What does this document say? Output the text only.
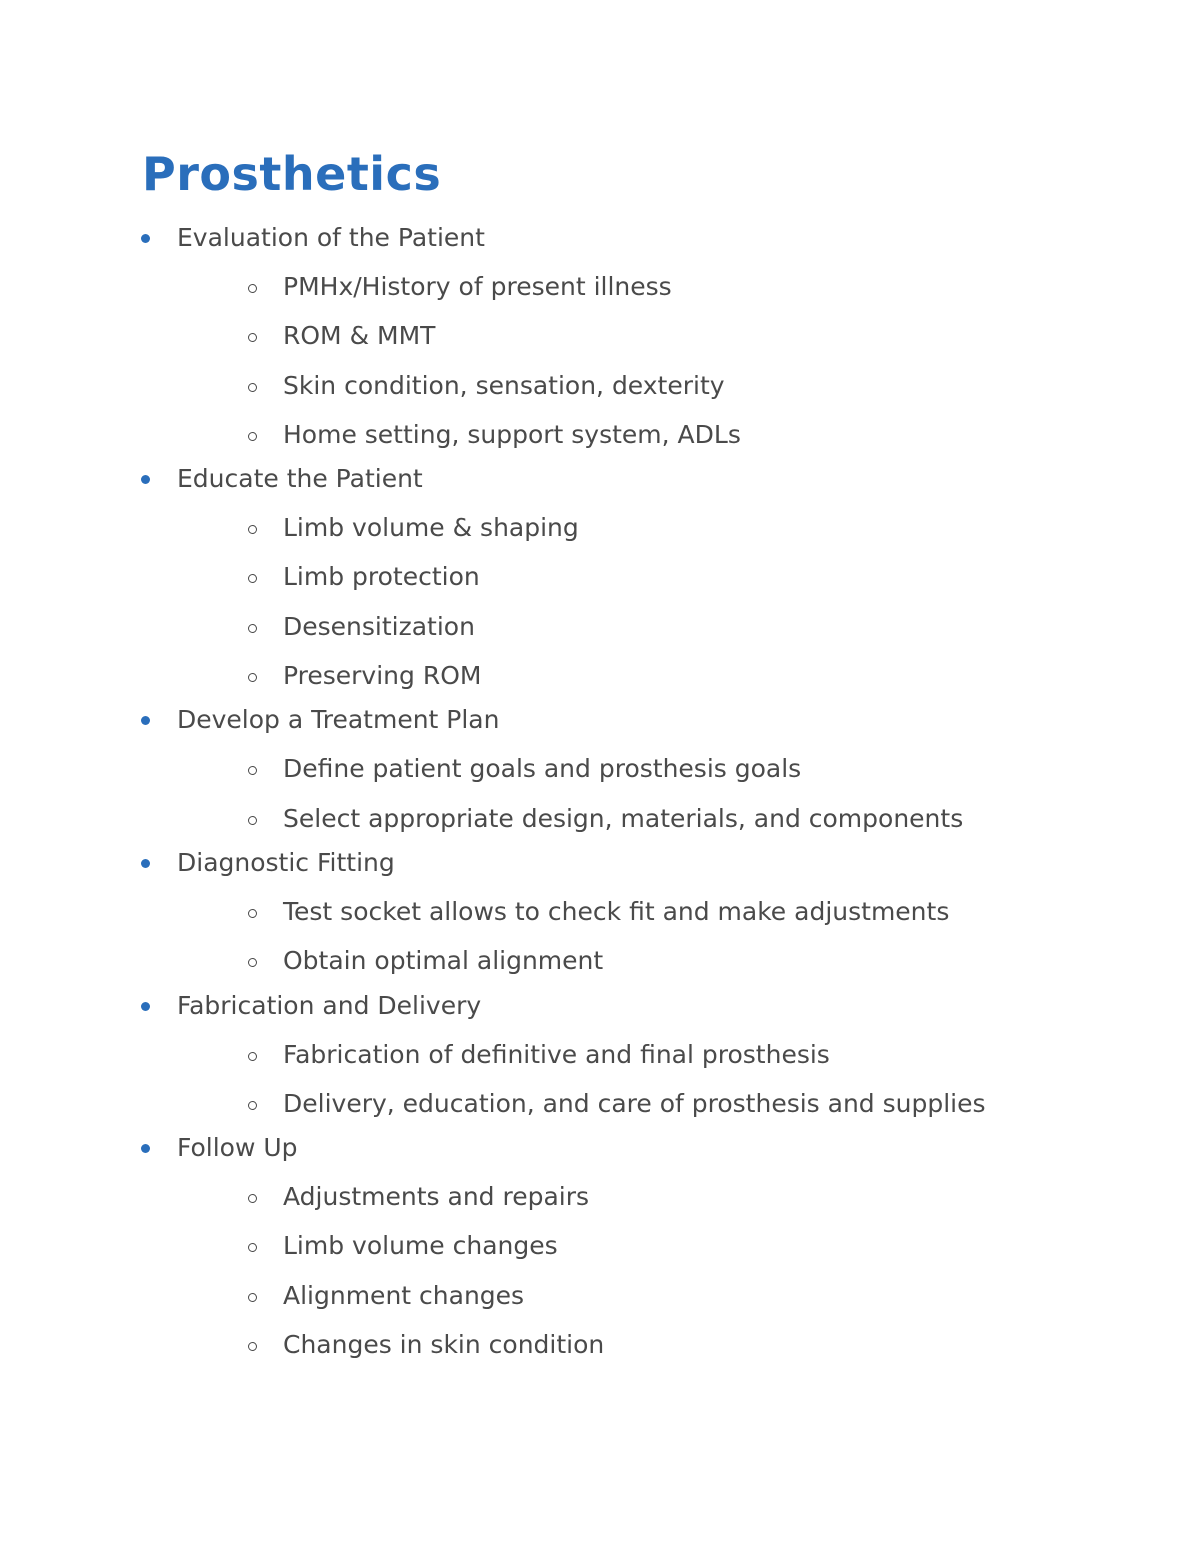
Prosthetics
Evaluation of the Patient
PMHx/History of present illness
ROM & MMT
Skin condition, sensation, dexterity
Home setting, support system, ADLs
Educate the Patient
Limb volume & shaping
Limb protection
Desensitization
Preserving ROM
Develop a Treatment Plan
Define patient goals and prosthesis goals
Select appropriate design, materials, and components
Diagnostic Fitting
Test socket allows to check fit and make adjustments
Obtain optimal alignment
Fabrication and Delivery
Fabrication of definitive and final prosthesis
Delivery, education, and care of prosthesis and supplies
Follow Up
Adjustments and repairs
Limb volume changes
Alignment changes
Changes in skin condition
